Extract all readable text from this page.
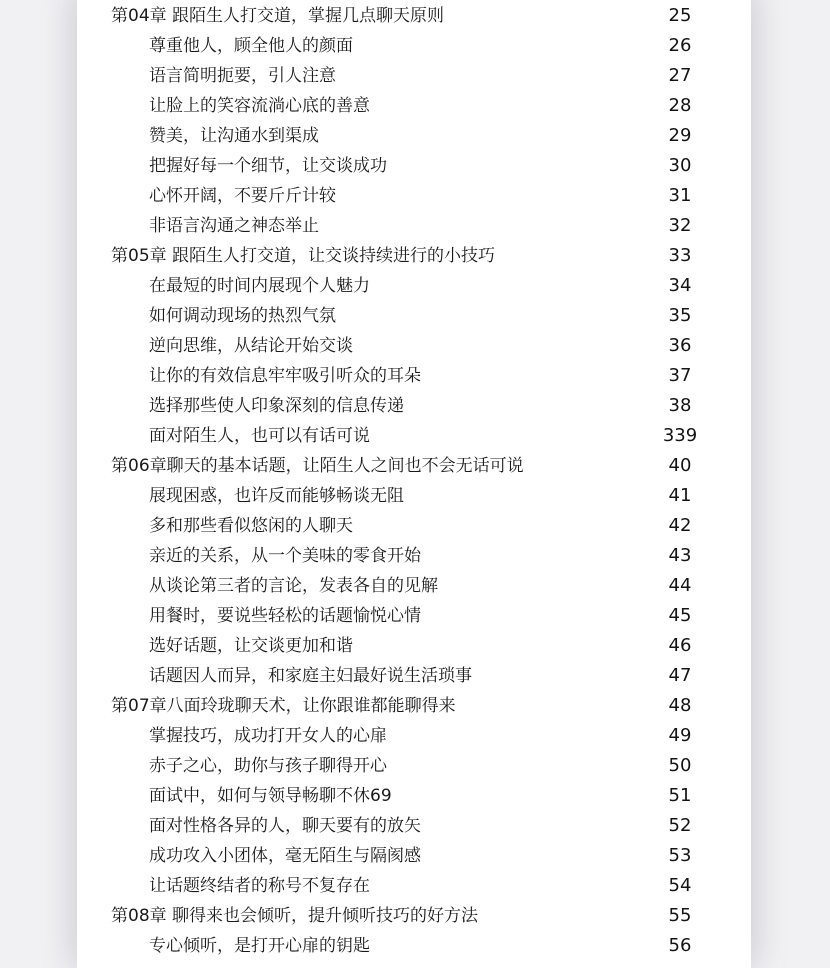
第04章 跟陌生人打交道，掌握几点聊天原则	25
尊重他人，顾全他人的颜面	26
语言简明扼要，引人注意	27
让脸上的笑容流淌心底的善意	28
赞美，让沟通水到渠成	29
把握好每一个细节，让交谈成功	30
心怀开阔，不要斤斤计较	31
非语言沟通之神态举止	32
第05章 跟陌生人打交道，让交谈持续进行的小技巧	33
在最短的时间内展现个人魅力	34
如何调动现场的热烈气氛	35
逆向思维，从结论开始交谈	36
让你的有效信息牢牢吸引听众的耳朵	37
选择那些使人印象深刻的信息传递	38
面对陌生人，也可以有话可说	339
第06章聊天的基本话题，让陌生人之间也不会无话可说	40
展现困惑，也许反而能够畅谈无阻	41
多和那些看似悠闲的人聊天	42
亲近的关系，从一个美味的零食开始	43
从谈论第三者的言论，发表各自的见解	44
用餐时，要说些轻松的话题愉悦心情	45
选好话题，让交谈更加和谐	46
话题因人而异，和家庭主妇最好说生活琐事	47
第07章八面玲珑聊天术，让你跟谁都能聊得来	48
掌握技巧，成功打开女人的心扉	49
赤子之心，助你与孩子聊得开心	50
面试中，如何与领导畅聊不休69	51
面对性格各异的人，聊天要有的放矢	52
成功攻入小团体，毫无陌生与隔阂感	53
让话题终结者的称号不复存在	54
第08章 聊得来也会倾听，提升倾听技巧的好方法	55
专心倾听，是打开心扉的钥匙	56
